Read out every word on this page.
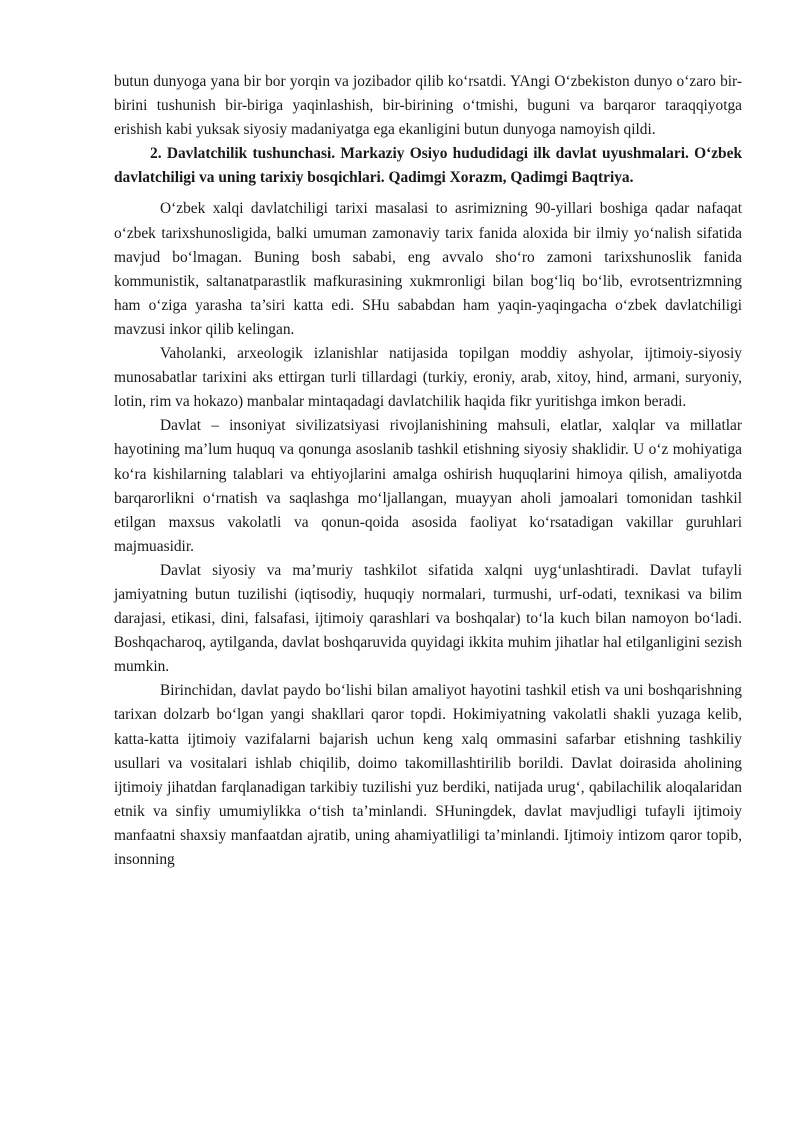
butun dunyoga yana bir bor yorqin va jozibador qilib ko‘rsatdi. YAngi O‘zbekiston dunyo o‘zaro bir-birini tushunish bir-biriga yaqinlashish, bir-birining o‘tmishi, buguni va barqaror taraqqiyotga erishish kabi yuksak siyosiy madaniyatga ega ekanligini butun dunyoga namoyish qildi.

2. Davlatchilik tushunchasi. Markaziy Osiyo hududidagi ilk davlat uyushmalari. O‘zbek davlatchiligi va uning tarixiy bosqichlari. Qadimgi Xorazm, Qadimgi Baqtriya.

O‘zbek xalqi davlatchiligi tarixi masalasi to asrimizning 90-yillari boshiga qadar nafaqat o‘zbek tarixshunosligida, balki umuman zamonaviy tarix fanida aloxida bir ilmiy yo‘nalish sifatida mavjud bo‘lmagan. Buning bosh sababi, eng avvalo sho‘ro zamoni tarixshunoslik fanida kommunistik, saltanatparastlik mafkurasining xukmronligi bilan bog‘liq bo‘lib, evrotsentrizmning ham o‘ziga yarasha ta’siri katta edi. SHu sababdan ham yaqin-yaqingacha o‘zbek davlatchiligi mavzusi inkor qilib kelingan.

Vaholanki, arxeologik izlanishlar natijasida topilgan moddiy ashyolar, ijtimoiy-siyosiy munosabatlar tarixini aks ettirgan turli tillardagi (turkiy, eroniy, arab, xitoy, hind, armani, suryoniy, lotin, rim va hokazo) manbalar mintaqadagi davlatchilik haqida fikr yuritishga imkon beradi.

Davlat – insoniyat sivilizatsiyasi rivojlanishining mahsuli, elatlar, xalqlar va millatlar hayotining ma’lum huquq va qonunga asoslanib tashkil etishning siyosiy shaklidir. U o‘z mohiyatiga ko‘ra kishilarning talablari va ehtiyojlarini amalga oshirish huquqlarini himoya qilish, amaliyotda barqarorlikni o‘rnatish va saqlashga mo‘ljallangan, muayyan aholi jamoalari tomonidan tashkil etilgan maxsus vakolatli va qonun-qoida asosida faoliyat ko‘rsatadigan vakillar guruhlari majmuasidir.

Davlat siyosiy va ma’muriy tashkilot sifatida xalqni uyg‘unlashtiradi. Davlat tufayli jamiyatning butun tuzilishi (iqtisodiy, huquqiy normalari, turmushi, urf-odati, texnikasi va bilim darajasi, etikasi, dini, falsafasi, ijtimoiy qarashlari va boshqalar) to‘la kuch bilan namoyon bo‘ladi. Boshqacharoq, aytilganda, davlat boshqaruvida quyidagi ikkita muhim jihatlar hal etilganligini sezish mumkin.

Birinchidan, davlat paydo bo‘lishi bilan amaliyot hayotini tashkil etish va uni boshqarishning tarixan dolzarb bo‘lgan yangi shakllari qaror topdi. Hokimiyatning vakolatli shakli yuzaga kelib, katta-katta ijtimoiy vazifalarni bajarish uchun keng xalq ommasini safarbar etishning tashkiliy usullari va vositalari ishlab chiqilib, doimo takomillashtirilib borildi. Davlat doirasida aholining ijtimoiy jihatdan farqlanadigan tarkibiy tuzilishi yuz berdiki, natijada urug‘, qabilachilik aloqalaridan etnik va sinfiy umumiylikka o‘tish ta’minlandi. SHuningdek, davlat mavjudligi tufayli ijtimoiy manfaatni shaxsiy manfaatdan ajratib, uning ahamiyatliligi ta’minlandi. Ijtimoiy intizom qaror topib, insonning
